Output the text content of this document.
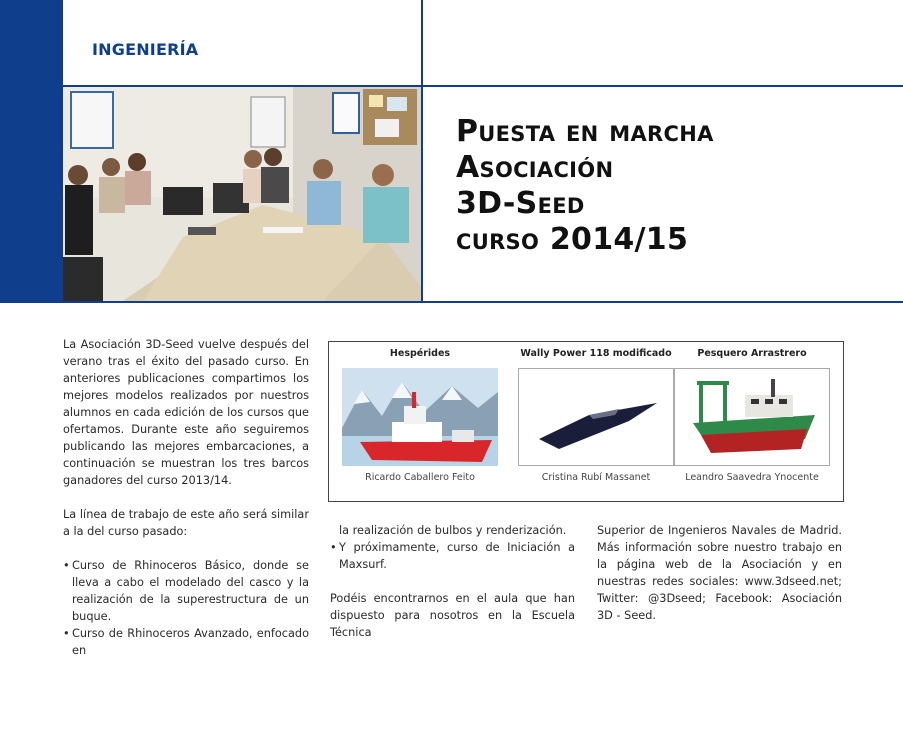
INGENIERÍA
Puesta en marcha
Asociación
3D-Seed
curso 2014/15

La Asociación 3D-Seed vuelve después del verano tras el éxito del pasado curso. En anteriores publicaciones compartimos los mejores modelos realizados por nuestros alumnos en cada edición de los cursos que ofertamos. Durante este año seguiremos publicando las mejores embarcaciones, a continuación se muestran los tres barcos ganadores del curso 2013/14.

La línea de trabajo de este año será similar a la del curso pasado:

• Curso de Rhinoceros Básico, donde se lleva a cabo el modelado del casco y la realización de la superestructura de un buque.
• Curso de Rhinoceros Avanzado, enfocado en
Hespérides
Ricardo Caballero Feito
Wally Power 118 modificado
Cristina Rubí Massanet
Pesquero Arrastrero
Leandro Saavedra Ynocente

la realización de bulbos y renderización.

• Y próximamente, curso de Iniciación a Maxsurf.

Podéis encontrarnos en el aula que han dispuesto para nosotros en la Escuela Técnica

Superior de Ingenieros Navales de Madrid. Más información sobre nuestro trabajo en la página web de la Asociación y en nuestras redes sociales: www.3dseed.net; Twitter: @3Dseed; Facebook: Asociación 3D - Seed.
